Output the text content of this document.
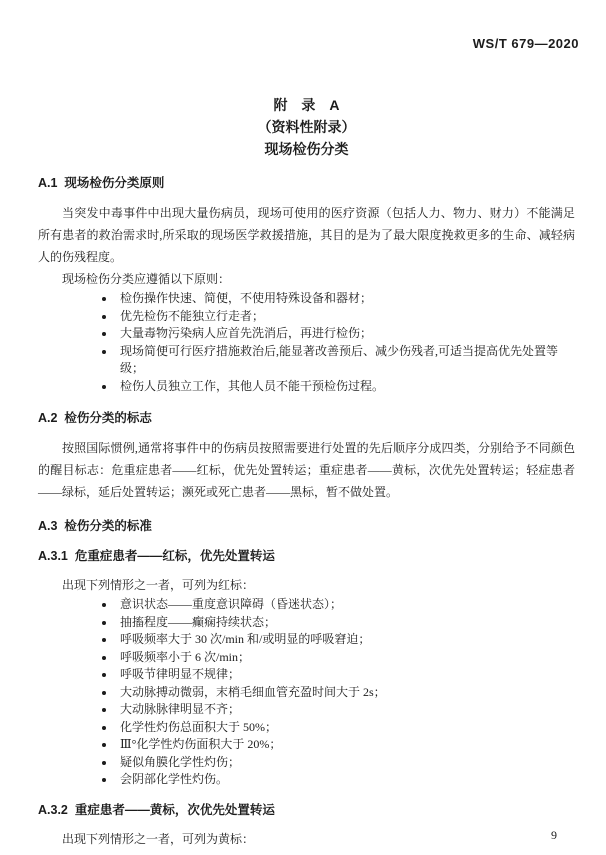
WS/T 679—2020
附　录　A
（资料性附录）
现场检伤分类
A.1  现场检伤分类原则
当突发中毒事件中出现大量伤病员，现场可使用的医疗资源（包括人力、物力、财力）不能满足所有患者的救治需求时,所采取的现场医学救援措施，其目的是为了最大限度挽救更多的生命、减轻病人的伤残程度。
现场检伤分类应遵循以下原则：
• 检伤操作快速、简便，不使用特殊设备和器材；
• 优先检伤不能独立行走者；
• 大量毒物污染病人应首先洗消后，再进行检伤；
• 现场简便可行医疗措施救治后,能显著改善预后、减少伤残者,可适当提高优先处置等级；
• 检伤人员独立工作，其他人员不能干预检伤过程。
A.2  检伤分类的标志
按照国际惯例,通常将事件中的伤病员按照需要进行处置的先后顺序分成四类，分别给予不同颜色的醒目标志：危重症患者——红标，优先处置转运；重症患者——黄标，次优先处置转运；轻症患者——绿标，延后处置转运；濒死或死亡患者——黑标，暂不做处置。
A.3  检伤分类的标准
A.3.1  危重症患者——红标，优先处置转运
出现下列情形之一者，可列为红标：
• 意识状态——重度意识障碍（昏迷状态）；
• 抽搐程度——癫痫持续状态；
• 呼吸频率大于 30 次/min 和/或明显的呼吸窘迫；
• 呼吸频率小于 6 次/min；
• 呼吸节律明显不规律；
• 大动脉搏动微弱，末梢毛细血管充盈时间大于 2s；
• 大动脉脉律明显不齐；
• 化学性灼伤总面积大于 50%；
• Ⅲ°化学性灼伤面积大于 20%；
• 疑似角膜化学性灼伤；
• 会阴部化学性灼伤。
A.3.2  重症患者——黄标，次优先处置转运
出现下列情形之一者，可列为黄标：	9
